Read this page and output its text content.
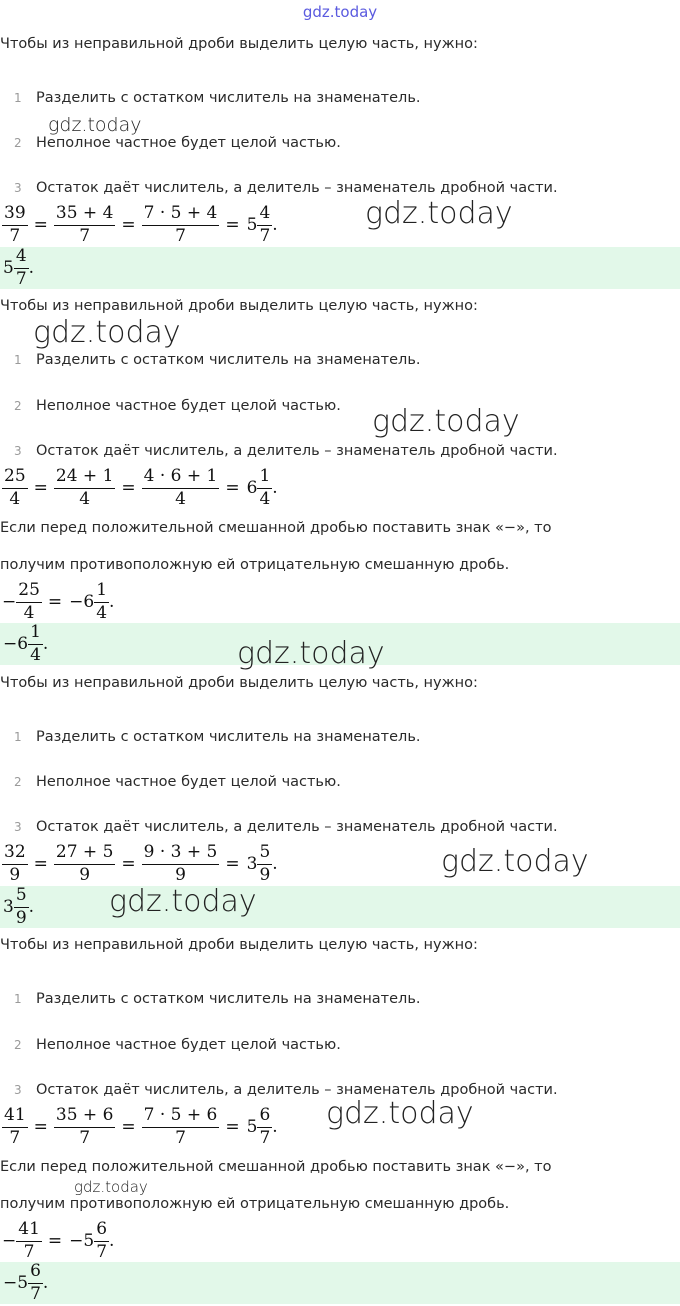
gdz.today
Чтобы из неправильной дроби выделить целую часть, нужно:
1 Разделить с остатком числитель на знаменатель.
2 Неполное частное будет целой частью.
3 Остаток даёт числитель, а делитель – знаменатель дробной части.
$\frac{39}{7} = \frac{35 + 4}{7} = \frac{7 \cdot 5 + 4}{7} = 5 \frac{4}{7}$ .
$5 \frac{4}{7}$ .
Чтобы из неправильной дроби выделить целую часть, нужно:
1 Разделить с остатком числитель на знаменатель.
2 Неполное частное будет целой частью.
3 Остаток даёт числитель, а делитель – знаменатель дробной части.
$\frac{25}{4} = \frac{24 + 1}{4} = \frac{4 \cdot 6 + 1}{4} = 6 \frac{1}{4}$ .
Если перед положительной смешанной дробью поставить знак «−», то
получим противоположную ей отрицательную смешанную дробь.
− $\frac{25}{4} = -6 \frac{1}{4}$ .
$-6 \frac{1}{4}$ .
Чтобы из неправильной дроби выделить целую часть, нужно:
1 Разделить с остатком числитель на знаменатель.
2 Неполное частное будет целой частью.
3 Остаток даёт числитель, а делитель – знаменатель дробной части.
$\frac{32}{9} = \frac{27 + 5}{9} = \frac{9 \cdot 3 + 5}{9} = 3 \frac{5}{9}$ .
$3 \frac{5}{9}$ .
Чтобы из неправильной дроби выделить целую часть, нужно:
1 Разделить с остатком числитель на знаменатель.
2 Неполное частное будет целой частью.
3 Остаток даёт числитель, а делитель – знаменатель дробной части.
$\frac{41}{7} = \frac{35 + 6}{7} = \frac{7 \cdot 5 + 6}{7} = 5 \frac{6}{7}$ .
Если перед положительной смешанной дробью поставить знак «−», то
получим противоположную ей отрицательную смешанную дробь.
− $\frac{41}{7} = -5 \frac{6}{7}$ .
$-5 \frac{6}{7}$ .
gdz.today
gdz.today
gdz.today
gdz.today
gdz.today
gdz.today
gdz.today
gdz.today
gdz.today
